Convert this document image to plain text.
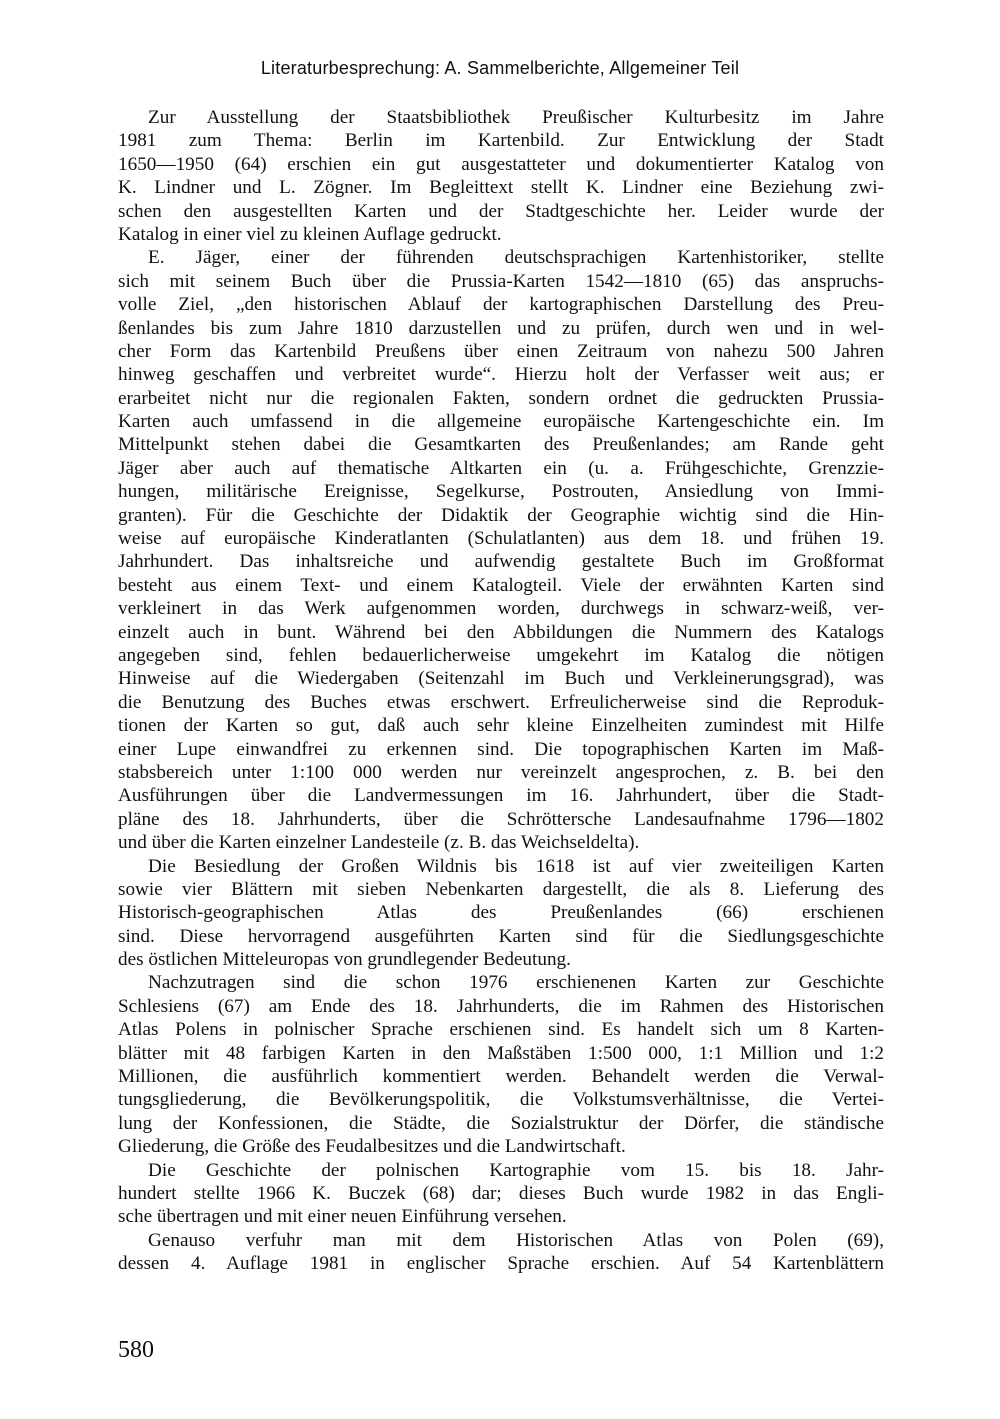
Literaturbesprechung: A. Sammelberichte, Allgemeiner Teil
Zur Ausstellung der Staatsbibliothek Preußischer Kulturbesitz im Jahre
1981 zum Thema: Berlin im Kartenbild. Zur Entwicklung der Stadt
1650—1950 (64) erschien ein gut ausgestatteter und dokumentierter Katalog von
K. Lindner und L. Zögner. Im Begleittext stellt K. Lindner eine Beziehung zwi-
schen den ausgestellten Karten und der Stadtgeschichte her. Leider wurde der
Katalog in einer viel zu kleinen Auflage gedruckt.
E. Jäger, einer der führenden deutschsprachigen Kartenhistoriker, stellte
sich mit seinem Buch über die Prussia-Karten 1542—1810 (65) das anspruchs-
volle Ziel, „den historischen Ablauf der kartographischen Darstellung des Preu-
ßenlandes bis zum Jahre 1810 darzustellen und zu prüfen, durch wen und in wel-
cher Form das Kartenbild Preußens über einen Zeitraum von nahezu 500 Jahren
hinweg geschaffen und verbreitet wurde“. Hierzu holt der Verfasser weit aus; er
erarbeitet nicht nur die regionalen Fakten, sondern ordnet die gedruckten Prussia-
Karten auch umfassend in die allgemeine europäische Kartengeschichte ein. Im
Mittelpunkt stehen dabei die Gesamtkarten des Preußenlandes; am Rande geht
Jäger aber auch auf thematische Altkarten ein (u. a. Frühgeschichte, Grenzzie-
hungen, militärische Ereignisse, Segelkurse, Postrouten, Ansiedlung von Immi-
granten). Für die Geschichte der Didaktik der Geographie wichtig sind die Hin-
weise auf europäische Kinderatlanten (Schulatlanten) aus dem 18. und frühen 19.
Jahrhundert. Das inhaltsreiche und aufwendig gestaltete Buch im Großformat
besteht aus einem Text- und einem Katalogteil. Viele der erwähnten Karten sind
verkleinert in das Werk aufgenommen worden, durchwegs in schwarz-weiß, ver-
einzelt auch in bunt. Während bei den Abbildungen die Nummern des Katalogs
angegeben sind, fehlen bedauerlicherweise umgekehrt im Katalog die nötigen
Hinweise auf die Wiedergaben (Seitenzahl im Buch und Verkleinerungsgrad), was
die Benutzung des Buches etwas erschwert. Erfreulicherweise sind die Reproduk-
tionen der Karten so gut, daß auch sehr kleine Einzelheiten zumindest mit Hilfe
einer Lupe einwandfrei zu erkennen sind. Die topographischen Karten im Maß-
stabsbereich unter 1:100 000 werden nur vereinzelt angesprochen, z. B. bei den
Ausführungen über die Landvermessungen im 16. Jahrhundert, über die Stadt-
pläne des 18. Jahrhunderts, über die Schröttersche Landesaufnahme 1796—1802
und über die Karten einzelner Landesteile (z. B. das Weichseldelta).
Die Besiedlung der Großen Wildnis bis 1618 ist auf vier zweiteiligen Karten
sowie vier Blättern mit sieben Nebenkarten dargestellt, die als 8. Lieferung des
Historisch-geographischen Atlas des Preußenlandes (66) erschienen
sind. Diese hervorragend ausgeführten Karten sind für die Siedlungsgeschichte
des östlichen Mitteleuropas von grundlegender Bedeutung.
Nachzutragen sind die schon 1976 erschienenen Karten zur Geschichte
Schlesiens (67) am Ende des 18. Jahrhunderts, die im Rahmen des Historischen
Atlas Polens in polnischer Sprache erschienen sind. Es handelt sich um 8 Karten-
blätter mit 48 farbigen Karten in den Maßstäben 1:500 000, 1:1 Million und 1:2
Millionen, die ausführlich kommentiert werden. Behandelt werden die Verwal-
tungsgliederung, die Bevölkerungspolitik, die Volkstumsverhältnisse, die Vertei-
lung der Konfessionen, die Städte, die Sozialstruktur der Dörfer, die ständische
Gliederung, die Größe des Feudalbesitzes und die Landwirtschaft.
Die Geschichte der polnischen Kartographie vom 15. bis 18. Jahr-
hundert stellte 1966 K. Buczek (68) dar; dieses Buch wurde 1982 in das Engli-
sche übertragen und mit einer neuen Einführung versehen.
Genauso verfuhr man mit dem Historischen Atlas von Polen (69),
dessen 4. Auflage 1981 in englischer Sprache erschien. Auf 54 Kartenblättern
580
